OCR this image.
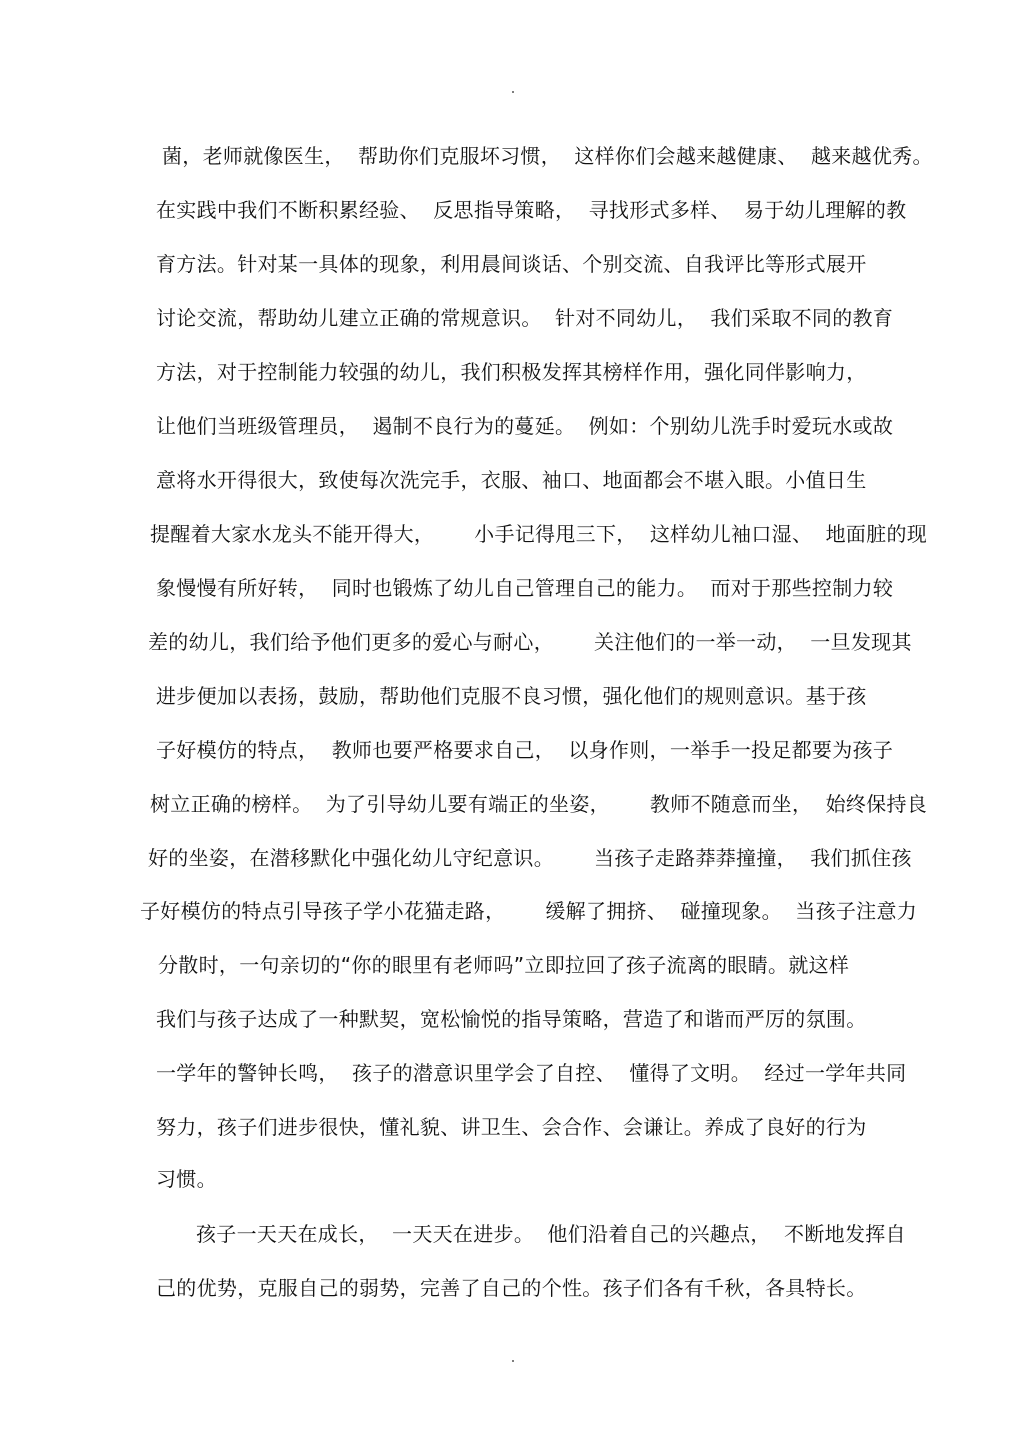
菌，老师就像医生，  帮助你们克服坏习惯，  这样你们会越来越健康、  越来越优秀。
在实践中我们不断积累经验、  反思指导策略，  寻找形式多样、  易于幼儿理解的教
育方法。针对某一具体的现象，利用晨间谈话、个别交流、自我评比等形式展开
讨论交流，帮助幼儿建立正确的常规意识。  针对不同幼儿，  我们采取不同的教育
方法，对于控制能力较强的幼儿，我们积极发挥其榜样作用，强化同伴影响力，
让他们当班级管理员，  遏制不良行为的蔓延。  例如：个别幼儿洗手时爱玩水或故
意将水开得很大，致使每次洗完手，衣服、袖口、地面都会不堪入眼。小值日生
提醒着大家水龙头不能开得大，      小手记得甩三下，  这样幼儿袖口湿、  地面脏的现
象慢慢有所好转，  同时也锻炼了幼儿自己管理自己的能力。  而对于那些控制力较
差的幼儿，我们给予他们更多的爱心与耐心，      关注他们的一举一动，  一旦发现其
进步便加以表扬，鼓励，帮助他们克服不良习惯，强化他们的规则意识。基于孩
子好模仿的特点，  教师也要严格要求自己，  以身作则，一举手一投足都要为孩子
树立正确的榜样。  为了引导幼儿要有端正的坐姿，      教师不随意而坐，  始终保持良
好的坐姿，在潜移默化中强化幼儿守纪意识。      当孩子走路莽莽撞撞，  我们抓住孩
子好模仿的特点引导孩子学小花猫走路，      缓解了拥挤、  碰撞现象。  当孩子注意力
分散时，一句亲切的“你的眼里有老师吗”立即拉回了孩子流离的眼睛。就这样
我们与孩子达成了一种默契，宽松愉悦的指导策略，营造了和谐而严厉的氛围。
一学年的警钟长鸣，  孩子的潜意识里学会了自控、  懂得了文明。  经过一学年共同
努力，孩子们进步很快，懂礼貌、讲卫生、会合作、会谦让。养成了良好的行为
习惯。
孩子一天天在成长，  一天天在进步。  他们沿着自己的兴趣点，  不断地发挥自
己的优势，克服自己的弱势，完善了自己的个性。孩子们各有千秋，各具特长。
